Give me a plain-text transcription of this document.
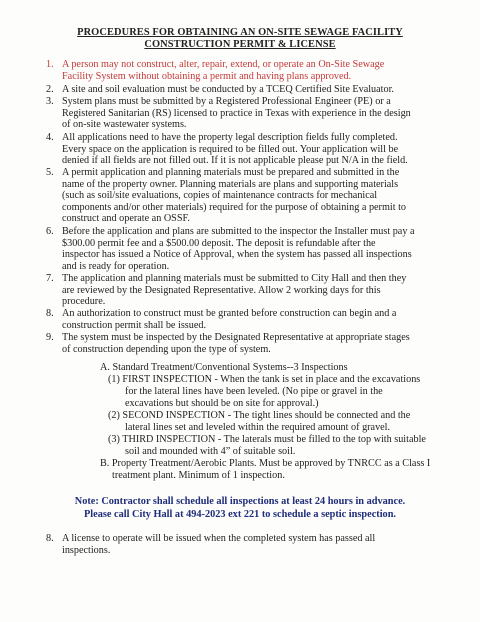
PROCEDURES FOR OBTAINING AN ON-SITE SEWAGE FACILITY
CONSTRUCTION PERMIT & LICENSE
1. A person may not construct, alter, repair, extend, or operate an On-Site Sewage
Facility System without obtaining a permit and having plans approved.
2. A site and soil evaluation must be conducted by a TCEQ Certified Site Evaluator.
3. System plans must be submitted by a Registered Professional Engineer (PE) or a
Registered Sanitarian (RS) licensed to practice in Texas with experience in the design
of on-site wastewater systems.
4. All applications need to have the property legal description fields fully completed.
Every space on the application is required to be filled out. Your application will be
denied if all fields are not filled out. If it is not applicable please put N/A in the field.
5. A permit application and planning materials must be prepared and submitted in the
name of the property owner. Planning materials are plans and supporting materials
(such as soil/site evaluations, copies of maintenance contracts for mechanical
components and/or other materials) required for the purpose of obtaining a permit to
construct and operate an OSSF.
6. Before the application and plans are submitted to the inspector the Installer must pay a
$300.00 permit fee and a $500.00 deposit. The deposit is refundable after the
inspector has issued a Notice of Approval, when the system has passed all inspections
and is ready for operation.
7. The application and planning materials must be submitted to City Hall and then they
are reviewed by the Designated Representative. Allow 2 working days for this
procedure.
8. An authorization to construct must be granted before construction can begin and a
construction permit shall be issued.
9. The system must be inspected by the Designated Representative at appropriate stages
of construction depending upon the type of system.
A. Standard Treatment/Conventional Systems--3 Inspections
(1) FIRST INSPECTION - When the tank is set in place and the excavations
for the lateral lines have been leveled. (No pipe or gravel in the
excavations but should be on site for approval.)
(2) SECOND INSPECTION - The tight lines should be connected and the
lateral lines set and leveled within the required amount of gravel.
(3) THIRD INSPECTION - The laterals must be filled to the top with suitable
soil and mounded with 4” of suitable soil.
B. Property Treatment/Aerobic Plants. Must be approved by TNRCC as a Class I
treatment plant. Minimum of 1 inspection.
Note: Contractor shall schedule all inspections at least 24 hours in advance.
Please call City Hall at 494-2023 ext 221 to schedule a septic inspection.
8. A license to operate will be issued when the completed system has passed all
inspections.
